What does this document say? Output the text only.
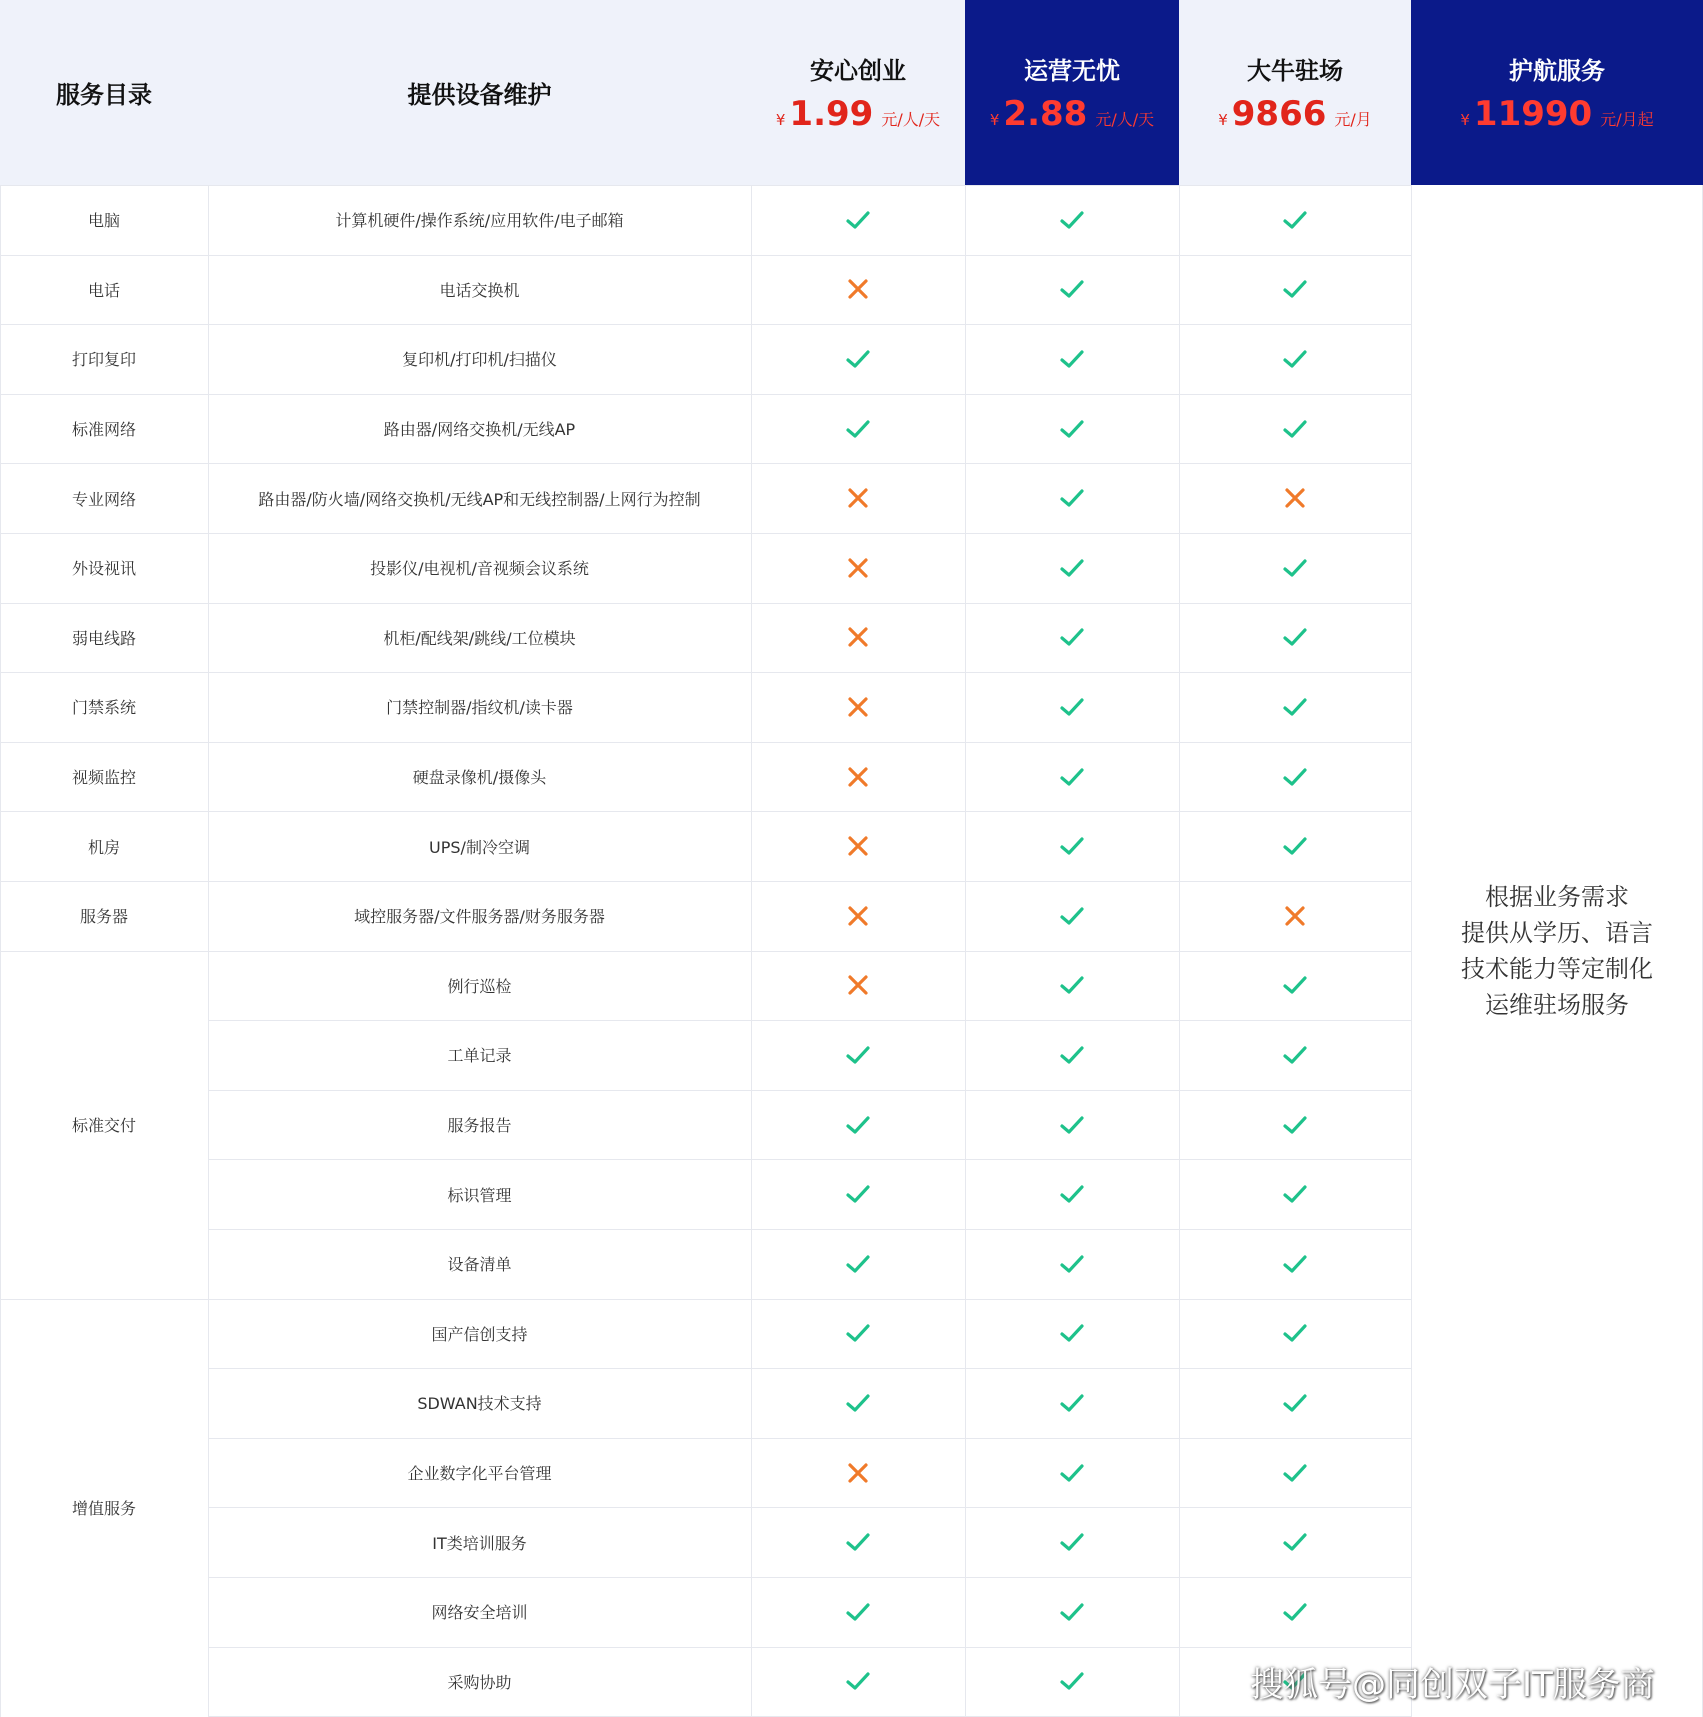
服务目录	提供设备维护
安心创业
¥ 1.99 元/人/天
运营无忧
¥ 2.88 元/人/天
大牛驻场
¥ 9866 元/月
护航服务
¥ 11990 元/月起
电脑
电话
打印复印
标准网络
专业网络
外设视讯
弱电线路
门禁系统
视频监控
机房
服务器
标准交付
增值服务
计算机硬件/操作系统/应用软件/电子邮箱
电话交换机
复印机/打印机/扫描仪
路由器/网络交换机/无线AP
路由器/防火墙/网络交换机/无线AP和无线控制器/上网行为控制
投影仪/电视机/音视频会议系统
机柜/配线架/跳线/工位模块
门禁控制器/指纹机/读卡器
硬盘录像机/摄像头
UPS/制冷空调
域控服务器/文件服务器/财务服务器
例行巡检
工单记录
服务报告
标识管理
设备清单
国产信创支持
SDWAN技术支持
企业数字化平台管理
IT类培训服务
网络安全培训
采购协助
根据业务需求
提供从学历、语言
技术能力等定制化
运维驻场服务
搜狐号@同创双子IT服务商
